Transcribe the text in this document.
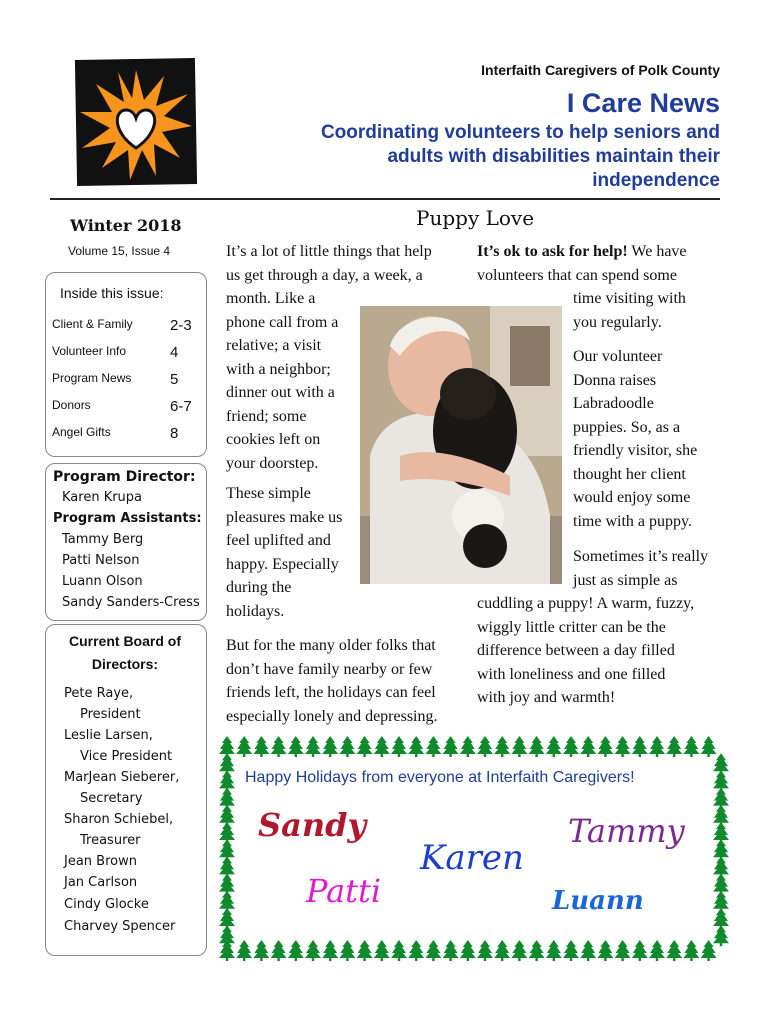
Interfaith Caregivers of Polk County
I Care News
Coordinating volunteers to help seniors and adults with disabilities maintain their independence
Winter 2018
Volume 15, Issue 4
Inside this issue:
Client & Family 2-3
Volunteer Info	4
Program News	5
Donors	6-7
Angel Gifts	8
Program Director:
Karen Krupa
Program Assistants:
Tammy Berg
Patti Nelson
Luann Olson
Sandy Sanders-Cress
Current Board of
Directors:
Pete Raye,
President
Leslie Larsen,
Vice President
MarJean Sieberer,
Secretary
Sharon Schiebel,
Treasurer
Jean Brown
Jan Carlson
Cindy Glocke
Charvey Spencer
Puppy Love
It’s a lot of little things that help
us get through a day, a week, a
month. Like a
phone call from a
relative; a visit
with a neighbor;
dinner out with a
friend; some
cookies left on
your doorstep.
These simple
pleasures make us
feel uplifted and
happy. Especially
during the
holidays.
But for the many older folks that
don’t have family nearby or few
friends left, the holidays can feel
especially lonely and depressing.
It’s ok to ask for help! We have
volunteers that can spend some
time visiting with
you regularly.
Our volunteer
Donna raises
Labradoodle
puppies. So, as a
friendly visitor, she
thought her client
would enjoy some
time with a puppy.
Sometimes it’s really
just as simple as
cuddling a puppy! A warm, fuzzy,
wiggly little critter can be the
difference between a day filled
with loneliness and one filled
with joy and warmth!
Happy Holidays from everyone at Interfaith Caregivers!
Sandy	Tammy
Karen
Patti	Luann
